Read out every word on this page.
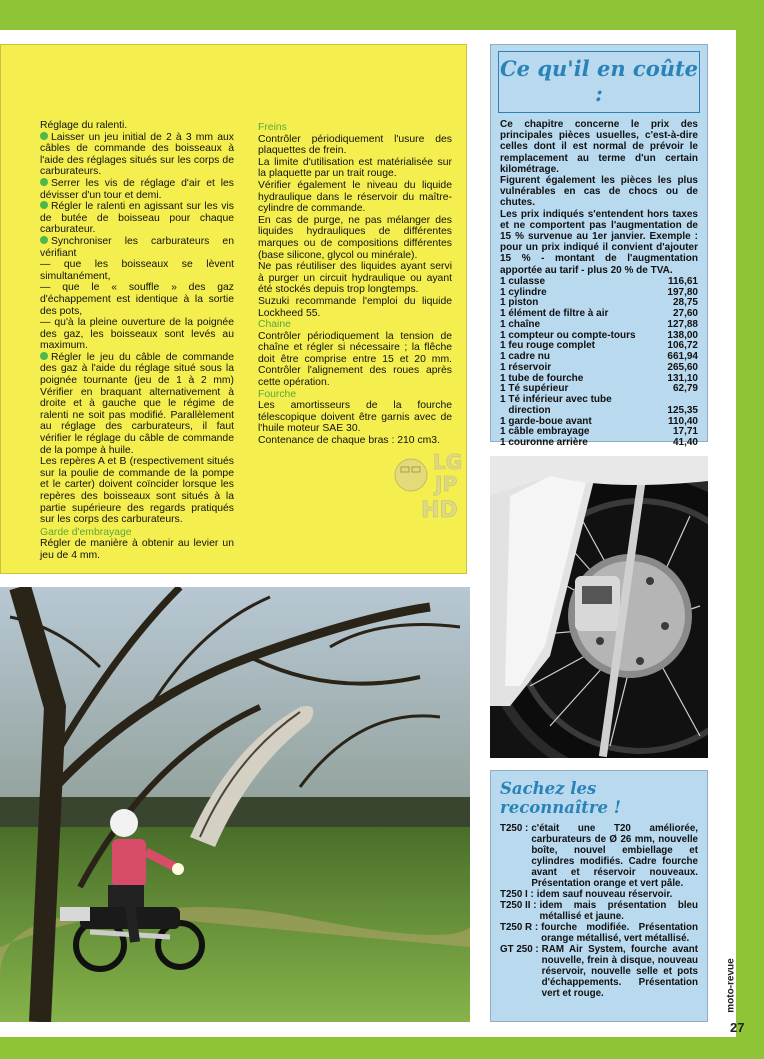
Réglage du ralenti.

Laisser un jeu initial de 2 à 3 mm aux câbles de commande des boisseaux à l'aide des réglages situés sur les corps de carburateurs.

Serrer les vis de réglage d'air et les dévisser d'un tour et demi.

Régler le ralenti en agissant sur les vis de butée de boisseau pour chaque carburateur.

Synchroniser les carburateurs en vérifiant

— que les boisseaux se lèvent simultanément,

— que le « souffle » des gaz d'échappement est identique à la sortie des pots,

— qu'à la pleine ouverture de la poignée des gaz, les boisseaux sont levés au maximum.

Régler le jeu du câble de commande des gaz à l'aide du réglage situé sous la poignée tournante (jeu de 1 à 2 mm) Vérifier en braquant alternativement à droite et à gauche que le régime de ralenti ne soit pas modifié. Parallèlement au réglage des carburateurs, il faut vérifier le réglage du câble de commande de la pompe à huile.

Les repères A et B (respectivement situés sur la poulie de commande de la pompe et le carter) doivent coïncider lorsque les repères des boisseaux sont situés à la partie supérieure des regards pratiqués sur les corps des carburateurs.

Garde d'embrayage

Régler de manière à obtenir au levier un jeu de 4 mm.

Freins

Contrôler périodiquement l'usure des plaquettes de frein.

La limite d'utilisation est matérialisée sur la plaquette par un trait rouge.

Vérifier également le niveau du liquide hydraulique dans le réservoir du maître-cylindre de commande.

En cas de purge, ne pas mélanger des liquides hydrauliques de différentes marques ou de compositions différentes (base silicone, glycol ou minérale).

Ne pas réutiliser des liquides ayant servi à purger un circuit hydraulique ou ayant été stockés depuis trop longtemps.

Suzuki recommande l'emploi du liquide Lockheed 55.

Chaine

Contrôler périodiquement la tension de chaîne et régler si nécessaire ; la flêche doit être comprise entre 15 et 20 mm. Contrôler l'alignement des roues après cette opération.

Fourche

Les amortisseurs de la fourche télescopique doivent être garnis avec de l'huile moteur SAE 30.

Contenance de chaque bras : 210 cm3.

LG
JP
HD
Ce qu'il en coûte :
Ce chapitre concerne le prix des principales pièces usuelles, c'est-à-dire celles dont il est normal de prévoir le remplacement au terme d'un certain kilométrage.
Figurent également les pièces les plus vulnérables en cas de chocs ou de chutes.
Les prix indiqués s'entendent hors taxes et ne comportent pas l'augmentation de 15 % survenue au 1er janvier. Exemple : pour un prix indiqué il convient d'ajouter 15 % - montant de l'augmentation apportée au tarif - plus 20 % de TVA.
1 culasse	116,61
1 cylindre	197,80
1 piston	28,75
1 élément de filtre à air	27,60
1 chaîne	127,88
1 compteur ou compte-tours	138,00
1 feu rouge complet	106,72
1 cadre nu	661,94
1 réservoir	265,60
1 tube de fourche	131,10
1 Té supérieur	62,79
1 Té inférieur avec tube
direction	125,35
1 garde-boue avant	110,40
1 câble embrayage	17,71
1 couronne arrière	41,40
Sachez les
reconnaître !
T250 : c'était une T20 améliorée, carburateurs de Ø 26 mm, nouvelle boîte, nouvel embiellage et cylindres modifiés. Cadre fourche avant et réservoir nouveaux. Présentation orange et vert pâle.
T250 I : idem sauf nouveau réservoir.
T250 II : idem mais présentation bleu métallisé et jaune.
T250 R : fourche modifiée. Présentation orange métallisé, vert métallisé.
GT 250 : RAM Air System, fourche avant nouvelle, frein à disque, nouveau réservoir, nouvelle selle et pots d'échappements. Présentation vert et rouge.	moto-revue
27
